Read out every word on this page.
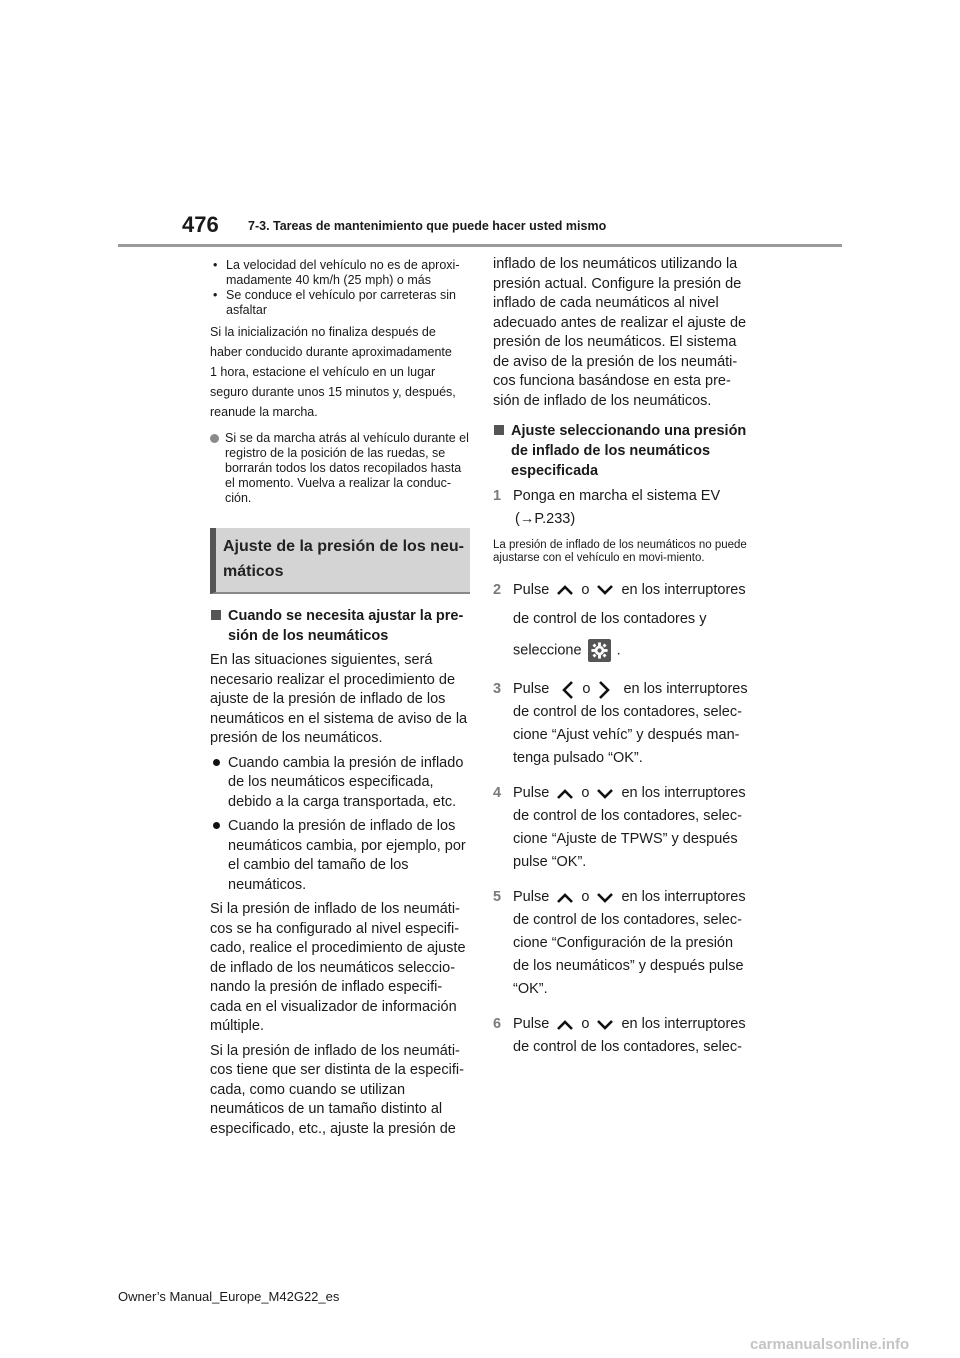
476 7-3. Tareas de mantenimiento que puede hacer usted mismo
• La velocidad del vehículo no es de aproxi-madamente 40 km/h (25 mph) o más
• Se conduce el vehículo por carreteras sin asfaltar
Si la inicialización no finaliza después de
haber conducido durante aproximadamente
1 hora, estacione el vehículo en un lugar
seguro durante unos 15 minutos y, después,
reanude la marcha.
Si se da marcha atrás al vehículo durante el registro de la posición de las ruedas, se borrarán todos los datos recopilados hasta el momento. Vuelva a realizar la conduc-ción.
Ajuste de la presión de los neu-máticos
Cuando se necesita ajustar la pre-sión de los neumáticos
En las situaciones siguientes, será necesario realizar el procedimiento de ajuste de la presión de inflado de los neumáticos en el sistema de aviso de la presión de los neumáticos.
Cuando cambia la presión de inflado de los neumáticos especificada, debido a la carga transportada, etc.
Cuando la presión de inflado de los neumáticos cambia, por ejemplo, por el cambio del tamaño de los neumáticos.
Si la presión de inflado de los neumáti-cos se ha configurado al nivel especifi-cado, realice el procedimiento de ajuste de inflado de los neumáticos seleccio-nando la presión de inflado especifi-cada en el visualizador de información múltiple.
Si la presión de inflado de los neumáti-cos tiene que ser distinta de la especifi-cada, como cuando se utilizan neumáticos de un tamaño distinto al especificado, etc., ajuste la presión de
inflado de los neumáticos utilizando la presión actual. Configure la presión de inflado de cada neumáticos al nivel adecuado antes de realizar el ajuste de presión de los neumáticos. El sistema de aviso de la presión de los neumáti-cos funciona basándose en esta pre-sión de inflado de los neumáticos.
Ajuste seleccionando una presión de inflado de los neumáticos especificada
1 Ponga en marcha el sistema EV
(→P.233)
La presión de inflado de los neumáticos no puede ajustarse con el vehículo en movi-miento.
2 Pulse o en los interruptores
de control de los contadores y
seleccione .
3 Pulse o en los interruptores
de control de los contadores, selec-
cione “Ajust vehíc” y después man-
tenga pulsado “OK”.
4 Pulse o en los interruptores
de control de los contadores, selec-
cione “Ajuste de TPWS” y después
pulse “OK”.
5 Pulse o en los interruptores
de control de los contadores, selec-
cione “Configuración de la presión
de los neumáticos” y después pulse
“OK”.
6 Pulse o en los interruptores
de control de los contadores, selec-
Owner’s Manual_Europe_M42G22_es
carmanualsonline.info
